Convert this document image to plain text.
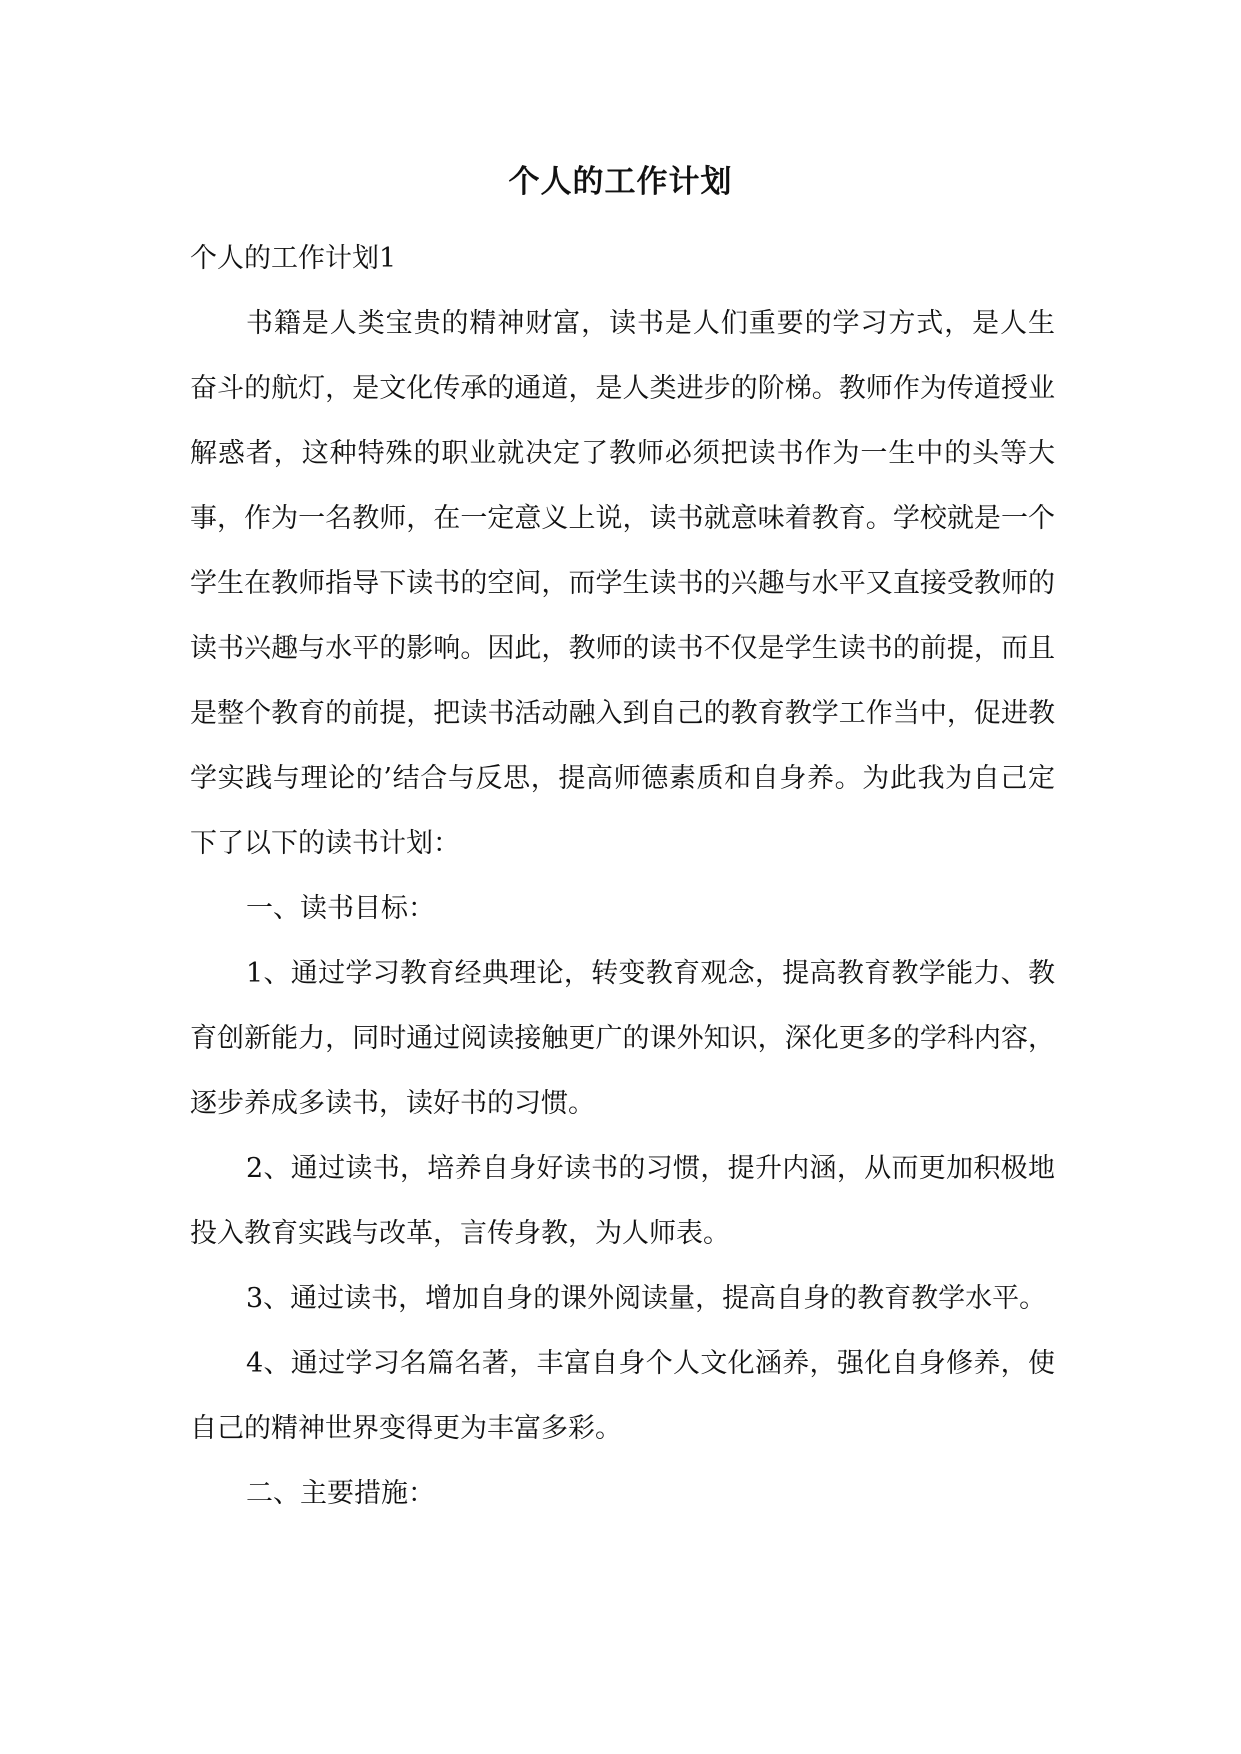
个人的工作计划

个人的工作计划1

书籍是人类宝贵的精神财富，读书是人们重要的学习方式，是人生奋斗的航灯，是文化传承的通道，是人类进步的阶梯。教师作为传道授业解惑者，这种特殊的职业就决定了教师必须把读书作为一生中的头等大事，作为一名教师，在一定意义上说，读书就意味着教育。学校就是一个学生在教师指导下读书的空间，而学生读书的兴趣与水平又直接受教师的读书兴趣与水平的影响。因此，教师的读书不仅是学生读书的前提，而且是整个教育的前提，把读书活动融入到自己的教育教学工作当中，促进教学实践与理论的’结合与反思，提高师德素质和自身养。为此我为自己定下了以下的读书计划：

一、读书目标：

1、通过学习教育经典理论，转变教育观念，提高教育教学能力、教育创新能力，同时通过阅读接触更广的课外知识，深化更多的学科内容，逐步养成多读书，读好书的习惯。

2、通过读书，培养自身好读书的习惯，提升内涵，从而更加积极地投入教育实践与改革，言传身教，为人师表。

3、通过读书，增加自身的课外阅读量，提高自身的教育教学水平。

4、通过学习名篇名著，丰富自身个人文化涵养，强化自身修养，使自己的精神世界变得更为丰富多彩。

二、主要措施：
